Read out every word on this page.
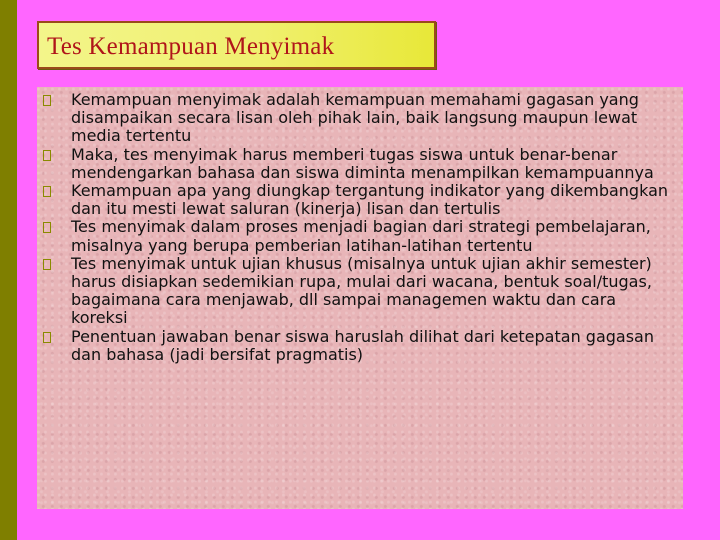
Tes Kemampuan Menyimak
Kemampuan menyimak adalah kemampuan memahami gagasan yang disampaikan secara lisan oleh pihak lain, baik langsung maupun lewat media tertentu
Maka, tes menyimak harus memberi tugas siswa untuk benar-benar mendengarkan bahasa dan siswa diminta menampilkan kemampuannya
Kemampuan apa yang diungkap tergantung indikator yang dikembangkan dan itu mesti lewat saluran (kinerja) lisan dan tertulis
Tes menyimak dalam proses menjadi bagian dari strategi pembelajaran, misalnya yang berupa pemberian latihan-latihan tertentu
Tes menyimak untuk ujian khusus (misalnya untuk ujian akhir semester) harus disiapkan sedemikian rupa, mulai dari wacana, bentuk soal/tugas, bagaimana cara menjawab, dll sampai managemen waktu dan cara koreksi
Penentuan jawaban benar siswa haruslah dilihat dari ketepatan gagasan dan bahasa (jadi bersifat pragmatis)
